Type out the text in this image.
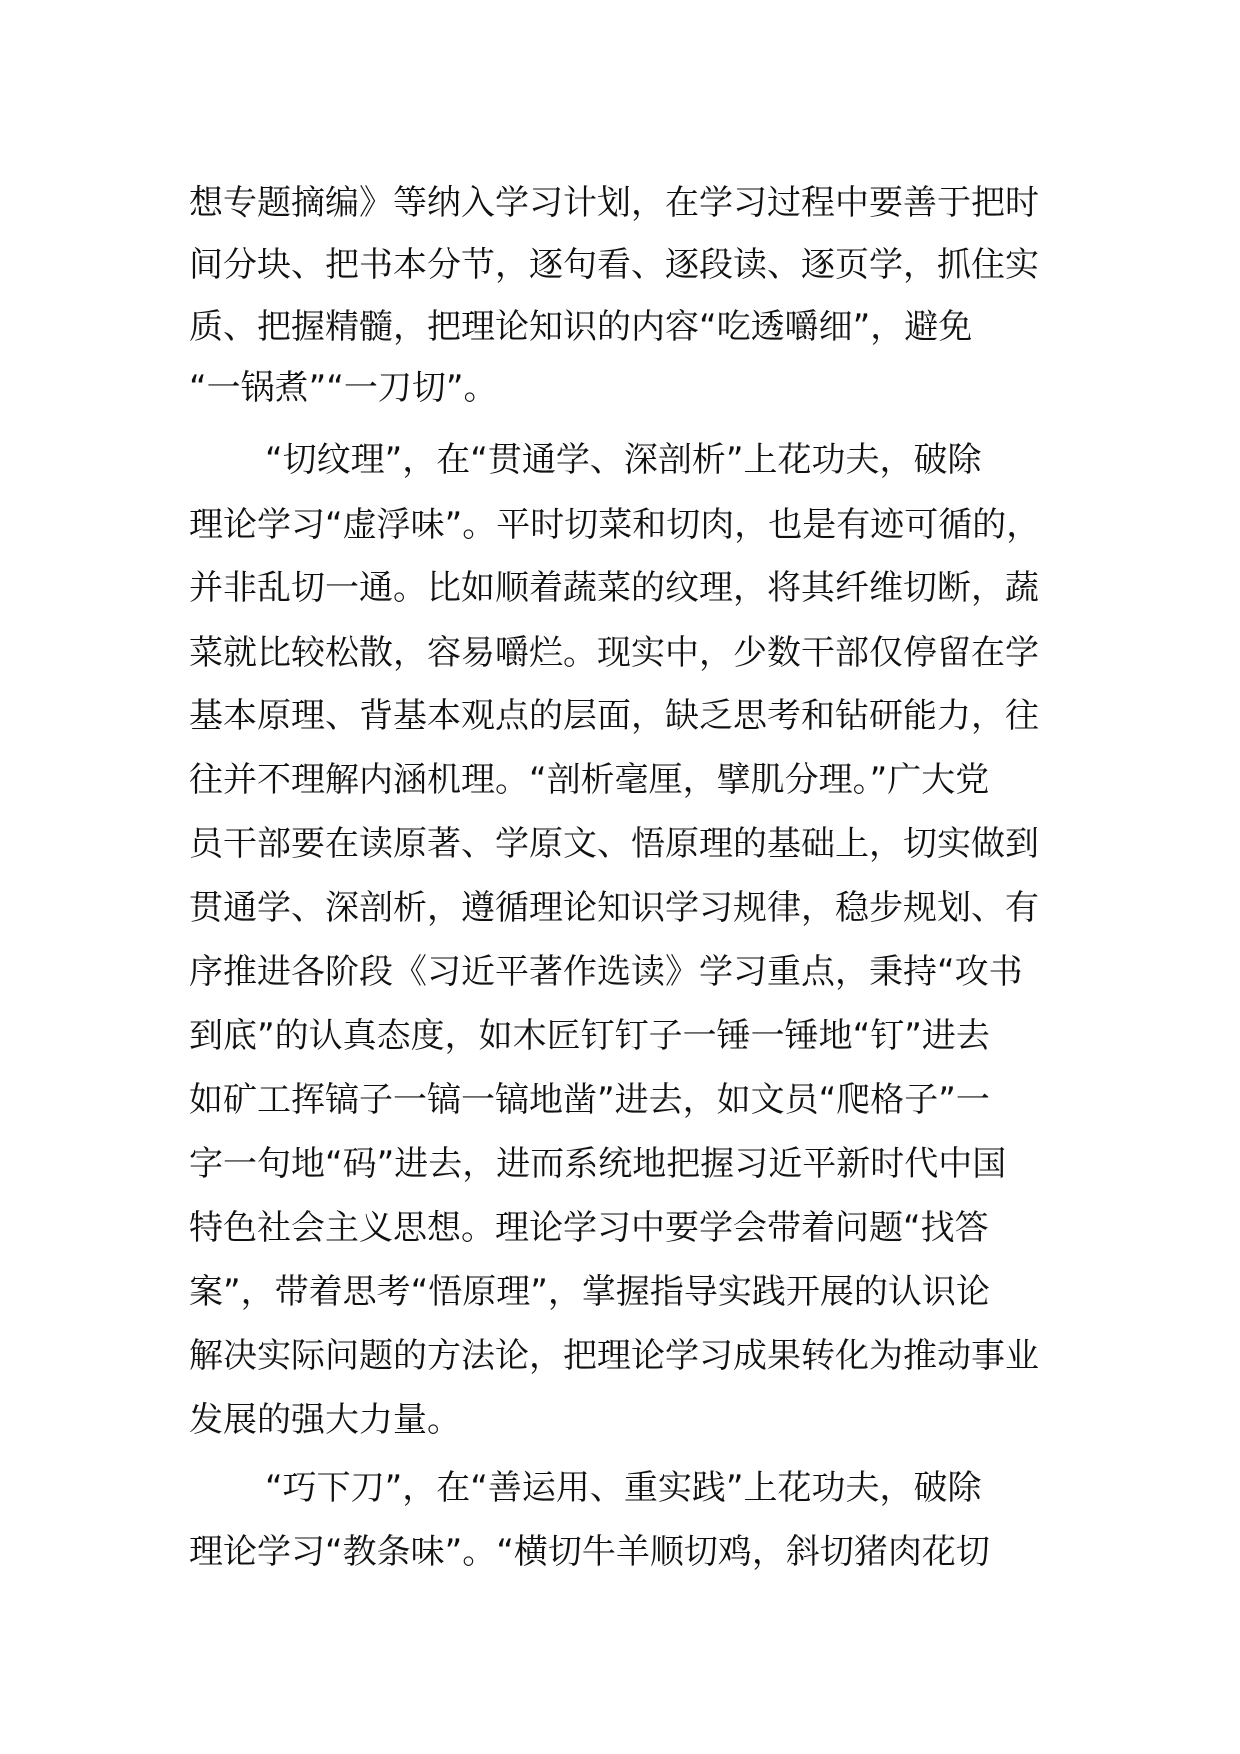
想专题摘编》等纳入学习计划，在学习过程中要善于把时
间分块、把书本分节，逐句看、逐段读、逐页学，抓住实
质、把握精髓，把理论知识的内容“吃透嚼细”，避免
“一锅煮”“一刀切”。
“切纹理”，在“贯通学、深剖析”上花功夫，破除
理论学习“虚浮味”。平时切菜和切肉，也是有迹可循的，
并非乱切一通。比如顺着蔬菜的纹理，将其纤维切断，蔬
菜就比较松散，容易嚼烂。现实中，少数干部仅停留在学
基本原理、背基本观点的层面，缺乏思考和钻研能力，往
往并不理解内涵机理。“剖析毫厘，擘肌分理。”广大党
员干部要在读原著、学原文、悟原理的基础上，切实做到
贯通学、深剖析，遵循理论知识学习规律，稳步规划、有
序推进各阶段《习近平著作选读》学习重点，秉持“攻书
到底”的认真态度，如木匠钉钉子一锤一锤地“钉”进去
如矿工挥镐子一镐一镐地凿”进去，如文员“爬格子”一
字一句地“码”进去，进而系统地把握习近平新时代中国
特色社会主义思想。理论学习中要学会带着问题“找答
案”，带着思考“悟原理”，掌握指导实践开展的认识论
解决实际问题的方法论，把理论学习成果转化为推动事业
发展的强大力量。
“巧下刀”，在“善运用、重实践”上花功夫，破除
理论学习“教条味”。“横切牛羊顺切鸡，斜切猪肉花切
